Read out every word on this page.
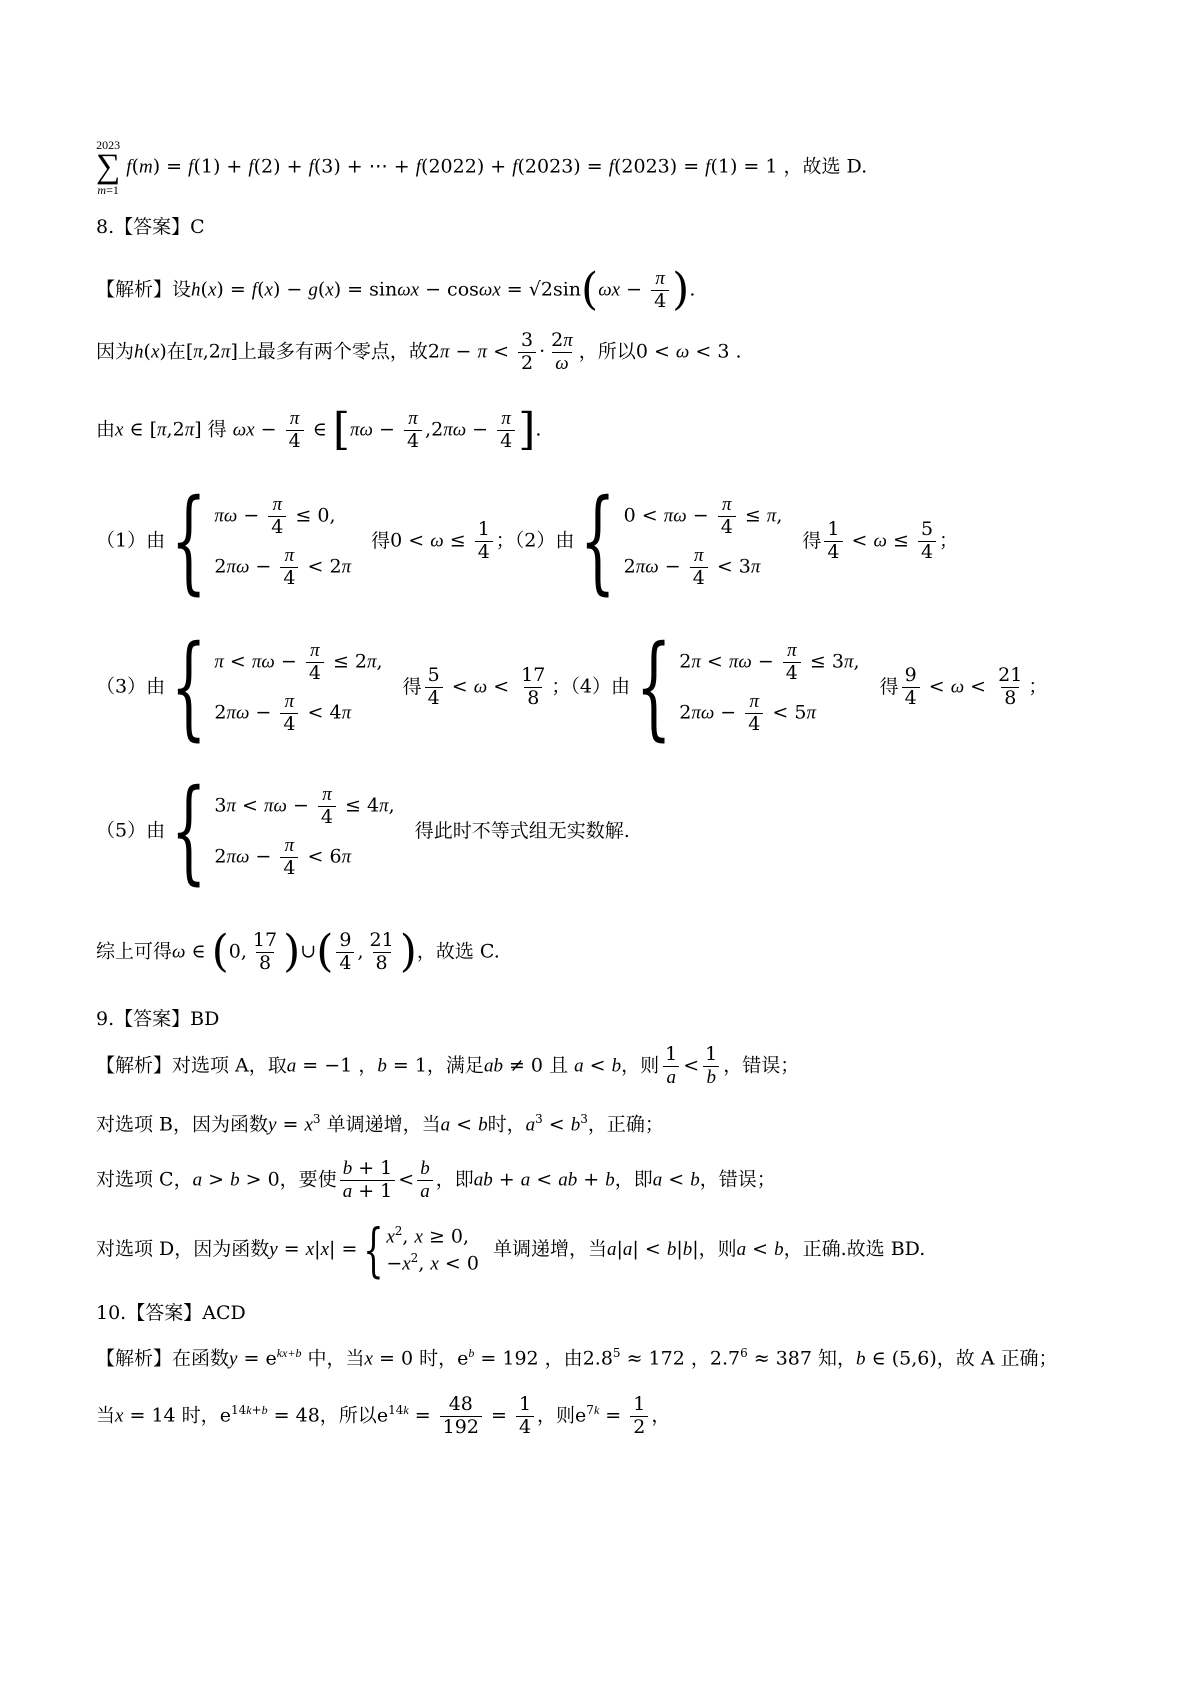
2023
∑
m=1
f(m) = f(1) + f(2) + f(3) + ⋯ + f(2022) + f(2023) = f(2023) = f(1) = 1 ，故选 D.
8.【答案】C
【解析】设$h(x) = f(x) - g(x) = \sin\omega x - \cos\omega x = √2\sin(\omega x - \frac{\pi}{4}$ ).
因为h(x)在[π,2π]上最多有两个零点，故$2\pi - \pi < \frac{3}{2} \cdot \frac{2\pi}{\omega}$ ，所以0 < ω < 3 .
由x ∈ [π,2π] 得 $\omega x - \frac{\pi}{4}$ ∈ [$\pi\omega - \frac{\pi}{4} ,2\pi\omega - \frac{\pi}{4}$ ].
（1）由 { $\pi\omega - \frac{\pi}{4} \le 0$,
$2\pi\omega - \frac{\pi}{4} < 2\pi$
得$0 < \omega \le \frac{1}{4}$ ；（2）由 { $0 < \pi\omega - \frac{\pi}{4} \le \pi$,
$2\pi\omega - \frac{\pi}{4} < 3\pi$
得 $\frac{1}{4} < \omega \le \frac{5}{4}$ ；
（3）由 { $\pi < \pi\omega - \frac{\pi}{4} \le 2\pi$,
$2\pi\omega - \frac{\pi}{4} < 4\pi$
得 $\frac{5}{4} < \omega < \frac{17}{8}$ ；（4）由 { $2\pi < \pi\omega - \frac{\pi}{4} \le 3\pi$,
$2\pi\omega - \frac{\pi}{4} < 5\pi$
得 $\frac{9}{4} < \omega < \frac{21}{8}$ ；
（5）由 { $3\pi < \pi\omega - \frac{\pi}{4} \le 4\pi$,
$2\pi\omega - \frac{\pi}{4} < 6\pi$
得此时不等式组无实数解.
综上可得ω ∈ (0, $\frac{17}{8}$ )∪( $\frac{9}{4}$ , $\frac{21}{8}$ )，故选 C.
9.【答案】BD
【解析】对选项 A，取a = −1 ，b = 1，满足ab ≠ 0 且 a < b，则 $\frac{1}{a} < \frac{1}{b}$ ，错误；
对选项 B，因为函数$y = x^3$ 单调递增，当a < b时，$a^3 < b^3$，正确；
对选项 C，a > b > 0，要使 $\frac{b + 1}{a + 1} < \frac{b}{a}$ ，即ab + a < ab + b，即a < b，错误；
对选项 D，因为函数y = x|x| = { $x^2$, x ≥ 0,
$-x^2$, x < 0
单调递增，当a|a| < b|b|，则a < b，正确.故选 BD.
10.【答案】ACD
【解析】在函数$y = e^{kx+b}$ 中，当x = 0 时，$e^b = 192$ ，由$2.8^5 \approx 172$ ，$2.7^6 \approx 387$ 知，b ∈ (5,6)，故 A 正确；
当x = 14 时，$e^{14k+b} = 48$，所以$e^{14k} = \frac{48}{192} = \frac{1}{4}$ ，则$e^{7k} = \frac{1}{2}$ ，
